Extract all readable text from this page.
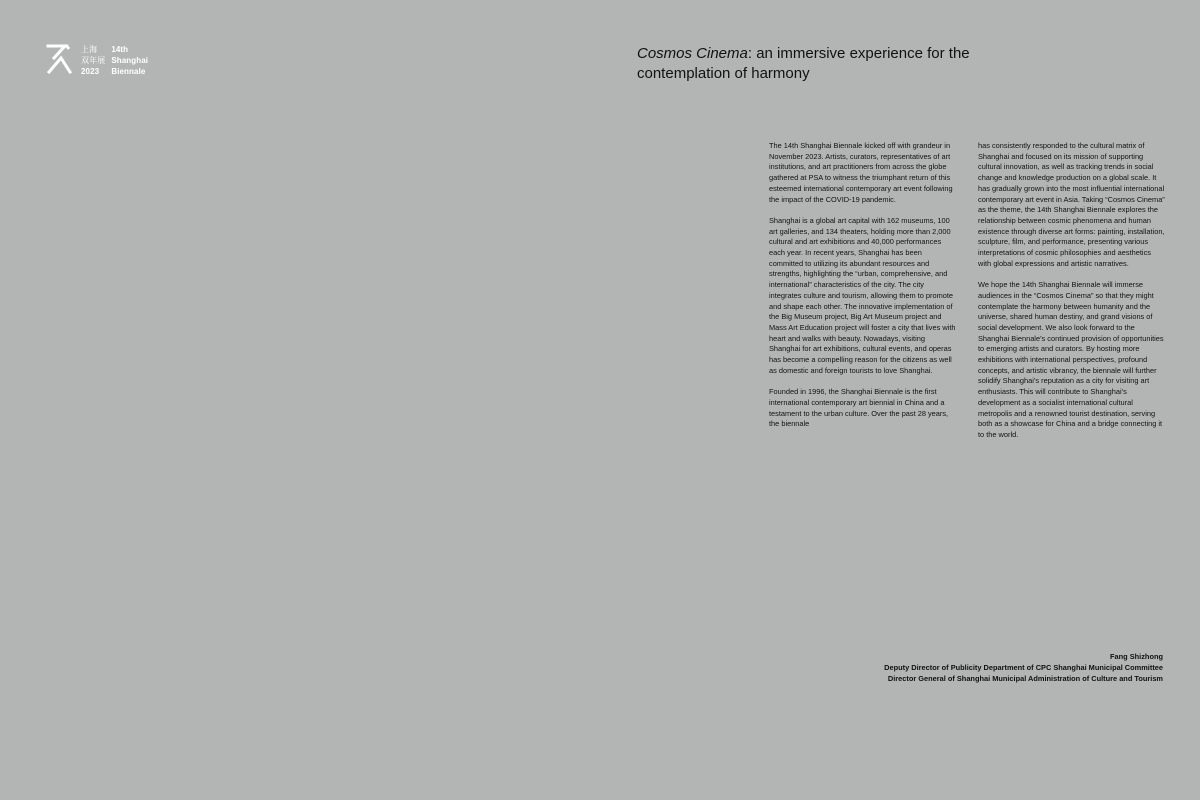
上海
双年展
2023
14th
Shanghai
Biennale
Cosmos Cinema: an immersive experience for the contemplation of harmony

The 14th Shanghai Biennale kicked off with grandeur in November 2023. Artists, curators, representatives of art institutions, and art practitioners from across the globe gathered at PSA to witness the triumphant return of this esteemed international contemporary art event following the impact of the COVID-19 pandemic.

Shanghai is a global art capital with 162 museums, 100 art galleries, and 134 theaters, holding more than 2,000 cultural and art exhibitions and 40,000 performances each year. In recent years, Shanghai has been committed to utilizing its abundant resources and strengths, highlighting the “urban, comprehensive, and international” characteristics of the city. The city integrates culture and tourism, allowing them to promote and shape each other. The innovative implementation of the Big Museum project, Big Art Museum project and Mass Art Education project will foster a city that lives with heart and walks with beauty. Nowadays, visiting Shanghai for art exhibitions, cultural events, and operas has become a compelling reason for the citizens as well as domestic and foreign tourists to love Shanghai.

Founded in 1996, the Shanghai Biennale is the first international contemporary art biennial in China and a testament to the urban culture. Over the past 28 years, the biennale

has consistently responded to the cultural matrix of Shanghai and focused on its mission of supporting cultural innovation, as well as tracking trends in social change and knowledge production on a global scale. It has gradually grown into the most influential international contemporary art event in Asia. Taking “Cosmos Cinema” as the theme, the 14th Shanghai Biennale explores the relationship between cosmic phenomena and human existence through diverse art forms: painting, installation, sculpture, film, and performance, presenting various interpretations of cosmic philosophies and aesthetics with global expressions and artistic narratives.

We hope the 14th Shanghai Biennale will immerse audiences in the “Cosmos Cinema” so that they might contemplate the harmony between humanity and the universe, shared human destiny, and grand visions of social development. We also look forward to the Shanghai Biennale’s continued provision of opportunities to emerging artists and curators. By hosting more exhibitions with international perspectives, profound concepts, and artistic vibrancy, the biennale will further solidify Shanghai’s reputation as a city for visiting art enthusiasts. This will contribute to Shanghai’s development as a socialist international cultural metropolis and a renowned tourist destination, serving both as a showcase for China and a bridge connecting it to the world.

Fang Shizhong
Deputy Director of Publicity Department of CPC Shanghai Municipal Committee
Director General of Shanghai Municipal Administration of Culture and Tourism
